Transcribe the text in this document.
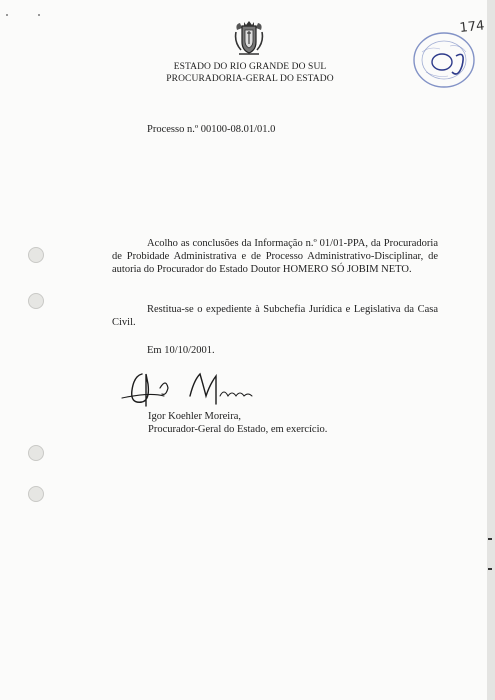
ESTADO DO RIO GRANDE DO SUL
PROCURADORIA-GERAL DO ESTADO
174
Processo n.º 00100-08.01/01.0
Acolho as conclusões da Informação n.º 01/01-PPA, da Procuradoria de Probidade Administrativa e de Processo Administrativo-Disciplinar, de autoria do Procurador do Estado Doutor HOMERO SÓ JOBIM NETO.
Restitua-se o expediente à Subchefia Jurídica e Legislativa da Casa Civil.
Em 10/10/2001.
Igor Koehler Moreira,
Procurador-Geral do Estado, em exercício.
